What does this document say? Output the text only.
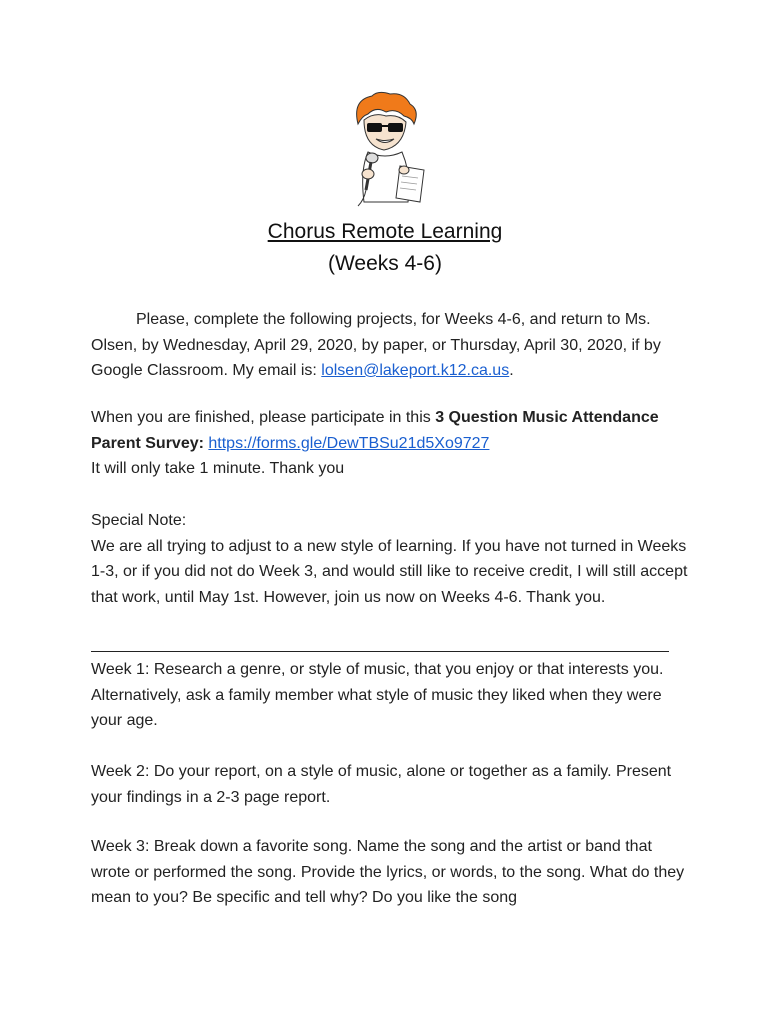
Chorus Remote Learning
(Weeks 4-6)
Please, complete the following projects, for Weeks 4-6, and return to Ms. Olsen, by Wednesday, April 29, 2020, by paper, or Thursday, April 30, 2020, if by Google Classroom. My email is: lolsen@lakeport.k12.ca.us.
When you are finished, please participate in this 3 Question Music Attendance Parent Survey: https://forms.gle/DewTBSu21d5Xo9727
It will only take 1 minute. Thank you
Special Note:
We are all trying to adjust to a new style of learning. If you have not turned in Weeks 1-3, or if you did not do Week 3, and would still like to receive credit, I will still accept that work, until May 1st. However, join us now on Weeks 4-6. Thank you.
Week 1: Research a genre, or style of music, that you enjoy or that interests you. Alternatively, ask a family member what style of music they liked when they were your age.
Week 2: Do your report, on a style of music, alone or together as a family. Present your findings in a 2-3 page report.
Week 3: Break down a favorite song. Name the song and the artist or band that wrote or performed the song. Provide the lyrics, or words, to the song. What do they mean to you? Be specific and tell why? Do you like the song
